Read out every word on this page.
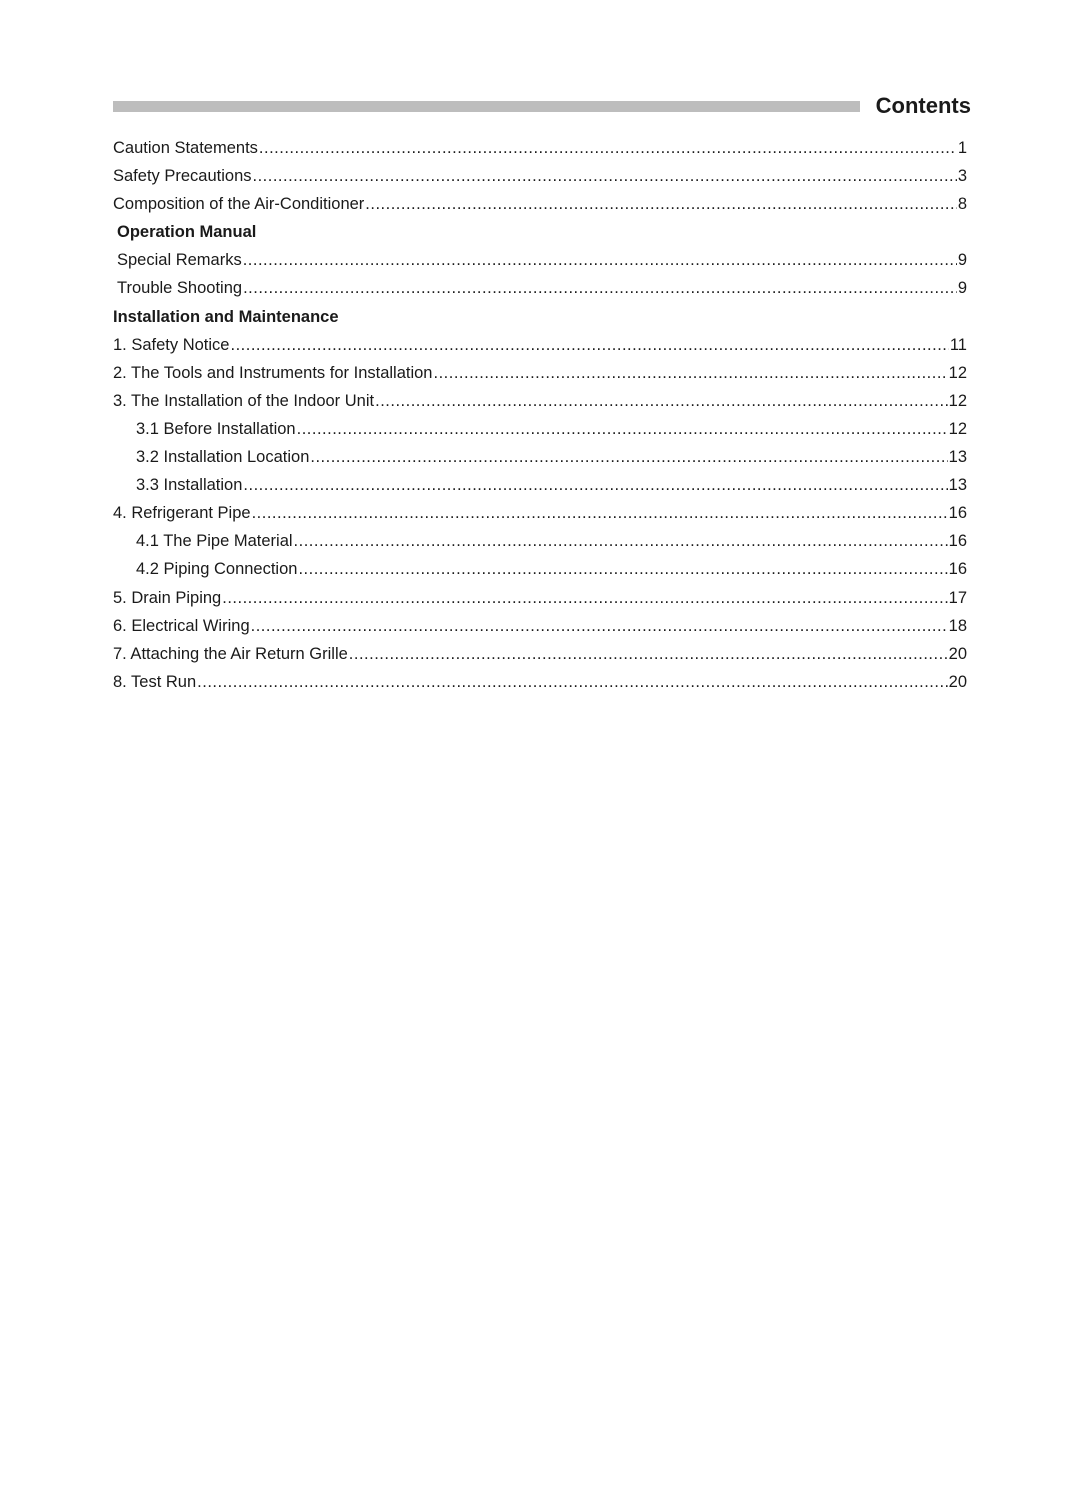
Contents
Caution Statements .....	1
Safety Precautions .....	3
Composition of the Air-Conditioner .....	8
Operation Manual
Special Remarks .....	9
Trouble Shooting .....	9
Installation and Maintenance
1. Safety Notice .....	11
2. The Tools and Instruments for Installation .....	12
3. The Installation of the Indoor Unit .....	12
3.1 Before Installation .....	12
3.2 Installation Location .....	13
3.3 Installation .....	13
4. Refrigerant Pipe .....	16
4.1 The Pipe Material .....	16
4.2 Piping Connection .....	16
5. Drain Piping .....	17
6. Electrical Wiring .....	18
7. Attaching the Air Return Grille .....	20
8. Test Run .....	20
